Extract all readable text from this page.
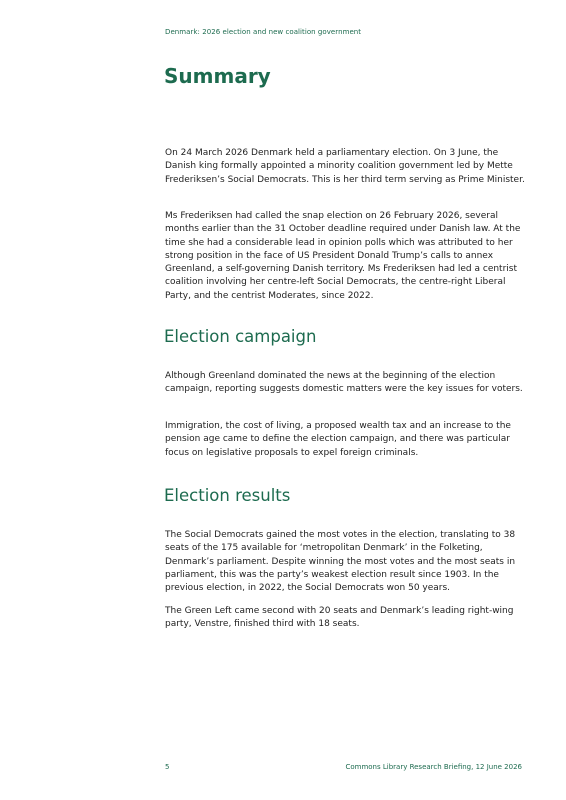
Denmark: 2026 election and new coalition government
Summary

On 24 March 2026 Denmark held a parliamentary election. On 3 June, the Danish king formally appointed a minority coalition government led by Mette Frederiksen’s Social Democrats. This is her third term serving as Prime Minister.

Ms Frederiksen had called the snap election on 26 February 2026, several months earlier than the 31 October deadline required under Danish law. At the time she had a considerable lead in opinion polls which was attributed to her strong position in the face of US President Donald Trump’s calls to annex Greenland, a self-governing Danish territory. Ms Frederiksen had led a centrist coalition involving her centre-left Social Democrats, the centre-right Liberal Party, and the centrist Moderates, since 2022.

Election campaign

Although Greenland dominated the news at the beginning of the election campaign, reporting suggests domestic matters were the key issues for voters.

Immigration, the cost of living, a proposed wealth tax and an increase to the pension age came to define the election campaign, and there was particular focus on legislative proposals to expel foreign criminals.

Election results

The Social Democrats gained the most votes in the election, translating to 38 seats of the 175 available for ‘metropolitan Denmark’ in the Folketing, Denmark’s parliament. Despite winning the most votes and the most seats in parliament, this was the party’s weakest election result since 1903. In the previous election, in 2022, the Social Democrats won 50 years.

The Green Left came second with 20 seats and Denmark’s leading right-wing party, Venstre, finished third with 18 seats.

5	Commons Library Research Briefing, 12 June 2026
